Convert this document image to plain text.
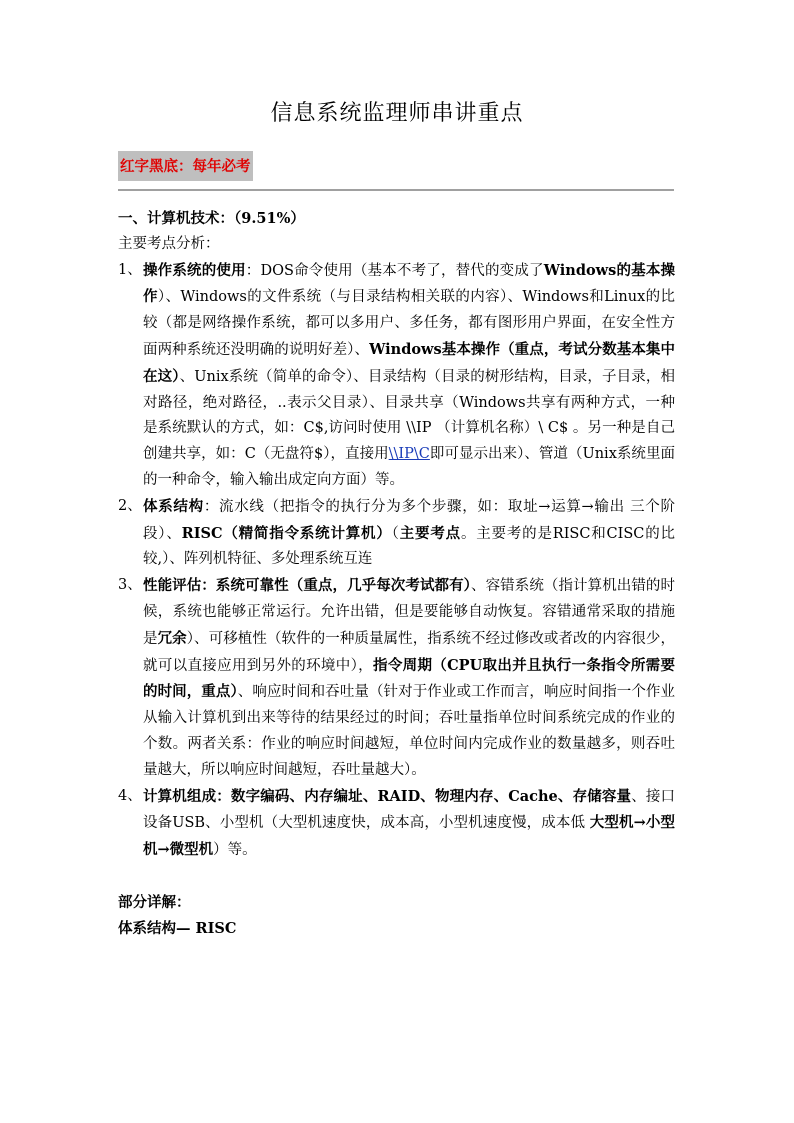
信息系统监理师串讲重点
红字黑底：每年必考
一、计算机技术：（9.51%）
主要考点分析：
1、 操作系统的使用：DOS命令使用（基本不考了，替代的变成了Windows的基本操作）、Windows的文件系统（与目录结构相关联的内容）、Windows和Linux的比较（都是网络操作系统，都可以多用户、多任务，都有图形用户界面，在安全性方面两种系统还没明确的说明好差）、Windows基本操作（重点，考试分数基本集中在这）、Unix系统（简单的命令）、目录结构（目录的树形结构，目录，子目录，相对路径，绝对路径，..表示父目录）、目录共享（Windows共享有两种方式，一种是系统默认的方式，如：C$,访问时使用 \\IP （计算机名称）\ C$ 。另一种是自己创建共享，如：C（无盘符$），直接用\\IP\C即可显示出来）、管道（Unix系统里面的一种命令，输入输出成定向方面）等。
2、 体系结构：流水线（把指令的执行分为多个步骤，如：取址→运算→输出 三个阶段）、RISC（精简指令系统计算机）（主要考点。主要考的是RISC和CISC的比较,）、阵列机特征、多处理系统互连
3、 性能评估：系统可靠性（重点，几乎每次考试都有）、容错系统（指计算机出错的时候，系统也能够正常运行。允许出错，但是要能够自动恢复。容错通常采取的措施是冗余）、可移植性（软件的一种质量属性，指系统不经过修改或者改的内容很少，就可以直接应用到另外的环境中），指令周期（CPU取出并且执行一条指令所需要的时间，重点）、响应时间和吞吐量（针对于作业或工作而言，响应时间指一个作业从输入计算机到出来等待的结果经过的时间；吞吐量指单位时间系统完成的作业的个数。两者关系：作业的响应时间越短，单位时间内完成作业的数量越多，则吞吐量越大，所以响应时间越短，吞吐量越大）。
4、 计算机组成：数字编码、内存编址、RAID、物理内存、Cache、存储容量、接口设备USB、小型机（大型机速度快，成本高，小型机速度慢，成本低 大型机→小型机→微型机）等。
部分详解：
体系结构— RISC
